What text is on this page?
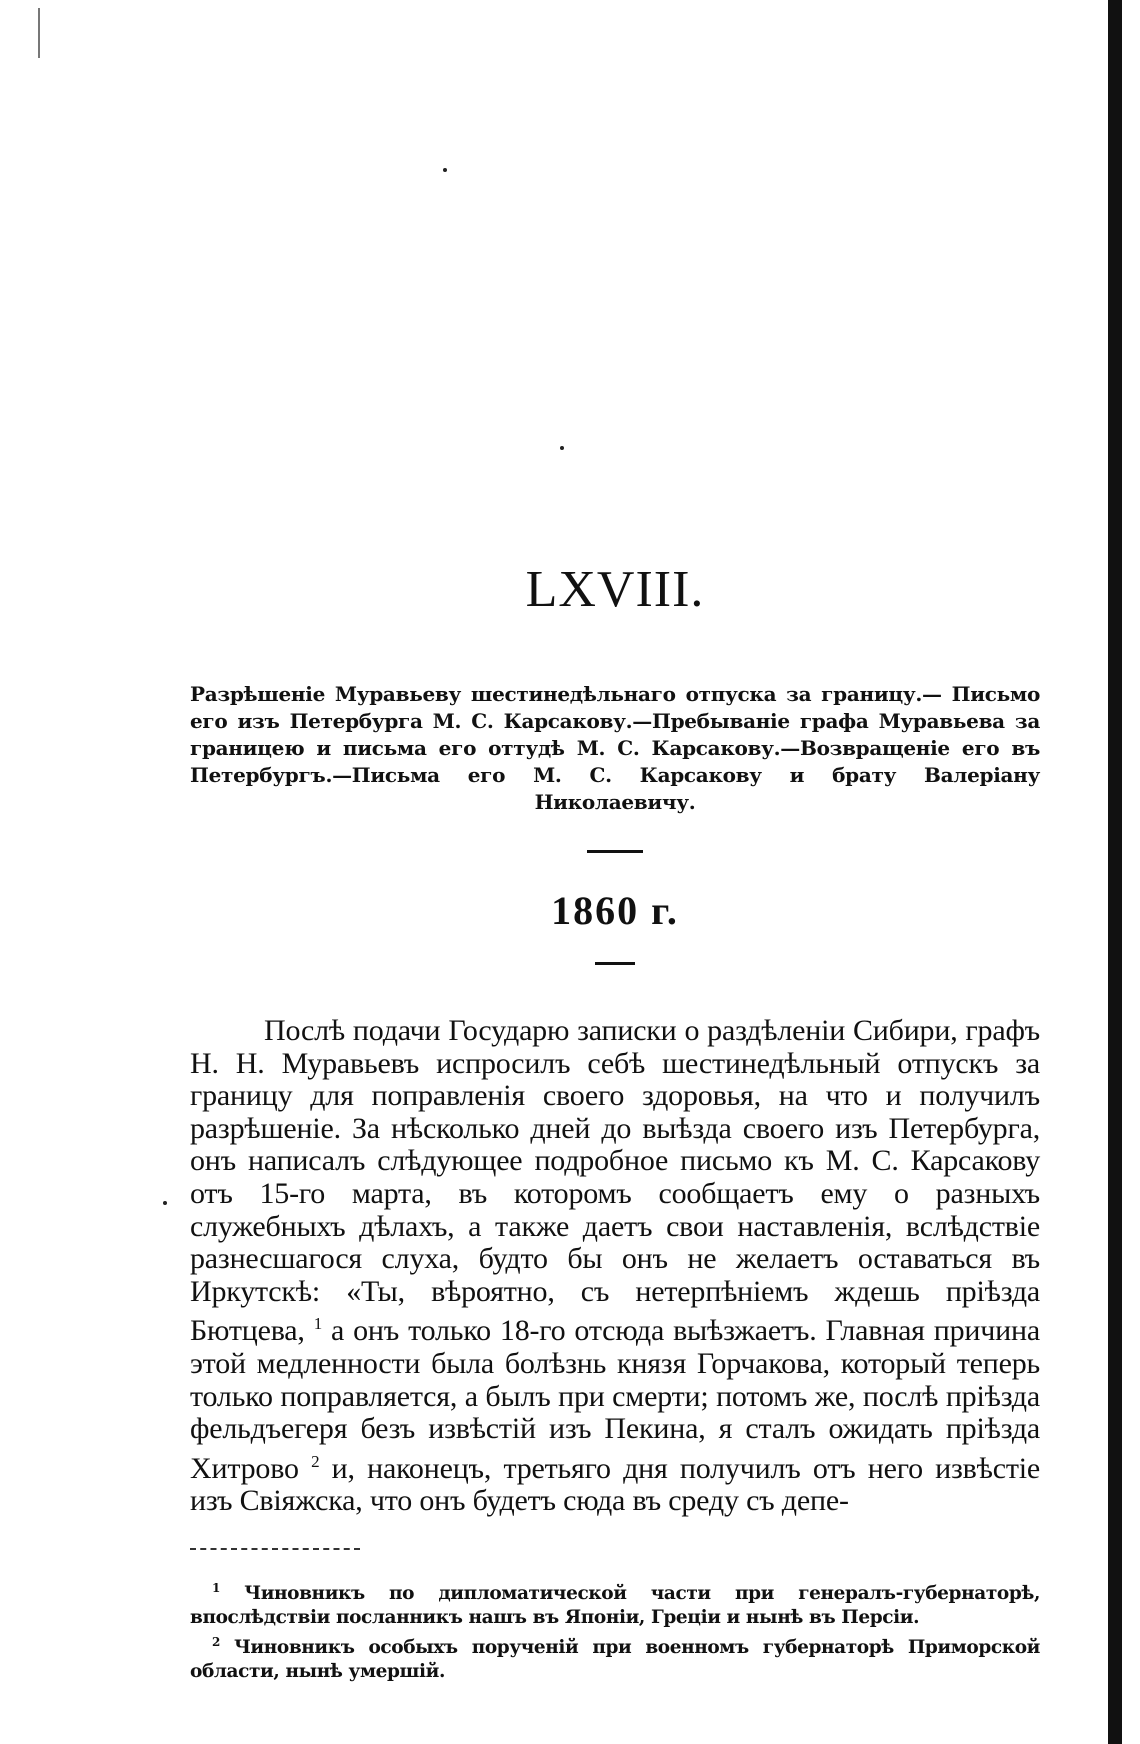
LXVIII.
Разрѣшеніе Муравьеву шестинедѣльнаго отпуска за границу.— Письмо его изъ Петербурга М. С. Карсакову.—Пребываніе графа Муравьева за границею и письма его оттудѣ М. С. Карсакову.—Возвращеніе его въ Петербургъ.—Письма его М. С. Карсакову и брату Валеріану Николаевичу.
1860 г.

Послѣ подачи Государю записки о раздѣленіи Сибири, графъ Н. Н. Муравьевъ испросилъ себѣ шестинедѣльный отпускъ за границу для поправленія своего здоровья, на что и получилъ разрѣшеніе. За нѣсколько дней до выѣзда своего изъ Петербурга, онъ написалъ слѣдующее подробное письмо къ М. С. Карсакову отъ 15-го марта, въ которомъ сообщаетъ ему о разныхъ служебныхъ дѣлахъ, а также даетъ свои наставленія, вслѣдствіе разнесшагося слуха, будто бы онъ не желаетъ оставаться въ Иркутскѣ: «Ты, вѣроятно, съ нетерпѣніемъ ждешь пріѣзда Бютцева, $^1$ а онъ только 18-го отсюда выѣзжаетъ. Главная причина этой медленности была болѣзнь князя Горчакова, который теперь только поправляется, а былъ при смерти; потомъ же, послѣ пріѣзда фельдъегеря безъ извѣстій изъ Пекина, я сталъ ожидать пріѣзда Хитрово $^2$ и, наконецъ, третьяго дня получилъ отъ него извѣстіе изъ Свіяжска, что онъ будетъ сюда въ среду съ депе-

$^1$ Чиновникъ по дипломатической части при генералъ-губернаторѣ, впослѣдствіи посланникъ нашъ въ Японіи, Греціи и нынѣ въ Персіи.

$^2$ Чиновникъ особыхъ порученій при военномъ губернаторѣ Приморской области, нынѣ умершій.
